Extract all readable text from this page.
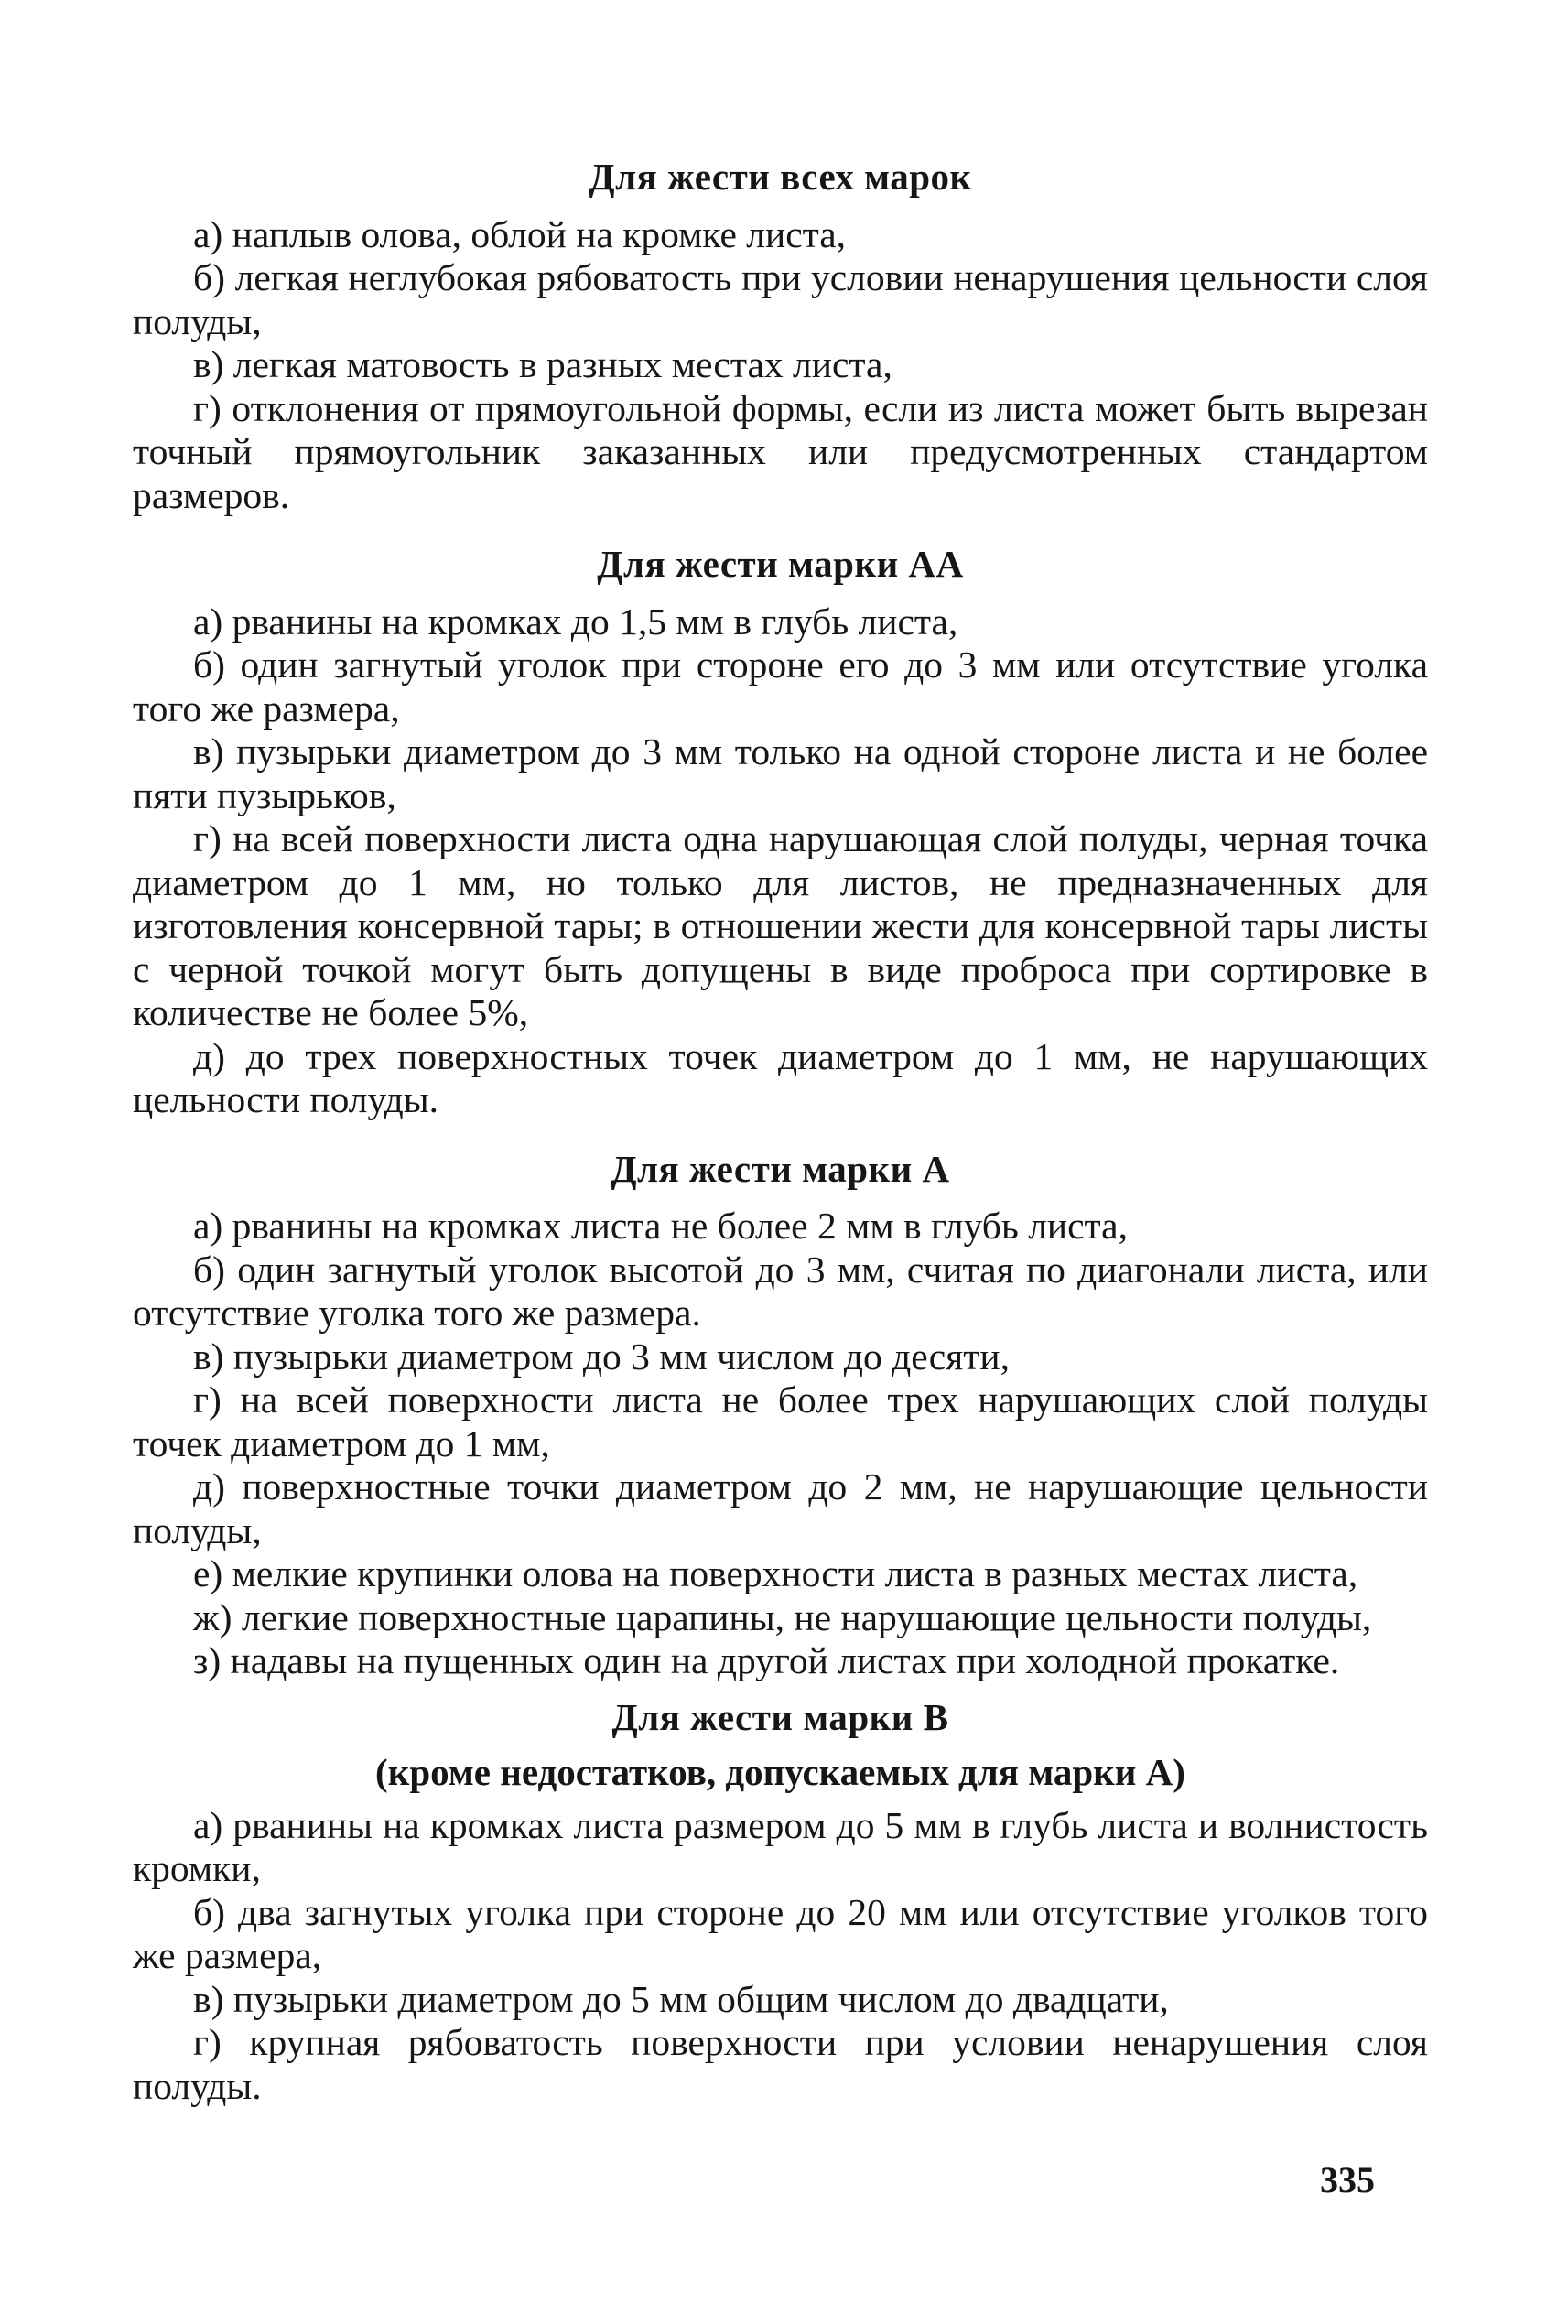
Для жести всех марок

а) наплыв олова, облой на кромке листа,

б) легкая неглубокая рябоватость при условии ненарушения цельности слоя полуды,

в) легкая матовость в разных местах листа,

г) отклонения от прямоугольной формы, если из листа может быть вырезан точный прямоугольник заказанных или предусмотренных стандартом размеров.

Для жести марки АА

а) рванины на кромках до 1,5 мм в глубь листа,

б) один загнутый уголок при стороне его до 3 мм или отсутствие уголка того же размера,

в) пузырьки диаметром до 3 мм только на одной стороне листа и не более пяти пузырьков,

г) на всей поверхности листа одна нарушающая слой полуды, черная точка диаметром до 1 мм, но только для листов, не предназначенных для изготовления консервной тары; в отношении жести для консервной тары листы с черной точкой могут быть допущены в виде проброса при сортировке в количестве не более 5%,

д) до трех поверхностных точек диаметром до 1 мм, не нарушающих цельности полуды.

Для жести марки А

а) рванины на кромках листа не более 2 мм в глубь листа,

б) один загнутый уголок высотой до 3 мм, считая по диагонали листа, или отсутствие уголка того же размера.

в) пузырьки диаметром до 3 мм числом до десяти,

г) на всей поверхности листа не более трех нарушающих слой полуды точек диаметром до 1 мм,

д) поверхностные точки диаметром до 2 мм, не нарушающие цельности полуды,

е) мелкие крупинки олова на поверхности листа в разных местах листа,

ж) легкие поверхностные царапины, не нарушающие цельности полуды,

з) надавы на пущенных один на другой листах при холодной прокатке.

Для жести марки В
(кроме недостатков, допускаемых для марки А)

а) рванины на кромках листа размером до 5 мм в глубь листа и волнистость кромки,

б) два загнутых уголка при стороне до 20 мм или отсутствие уголков того же размера,

в) пузырьки диаметром до 5 мм общим числом до двадцати,

г) крупная рябоватость поверхности при условии ненарушения слоя полуды.

335
